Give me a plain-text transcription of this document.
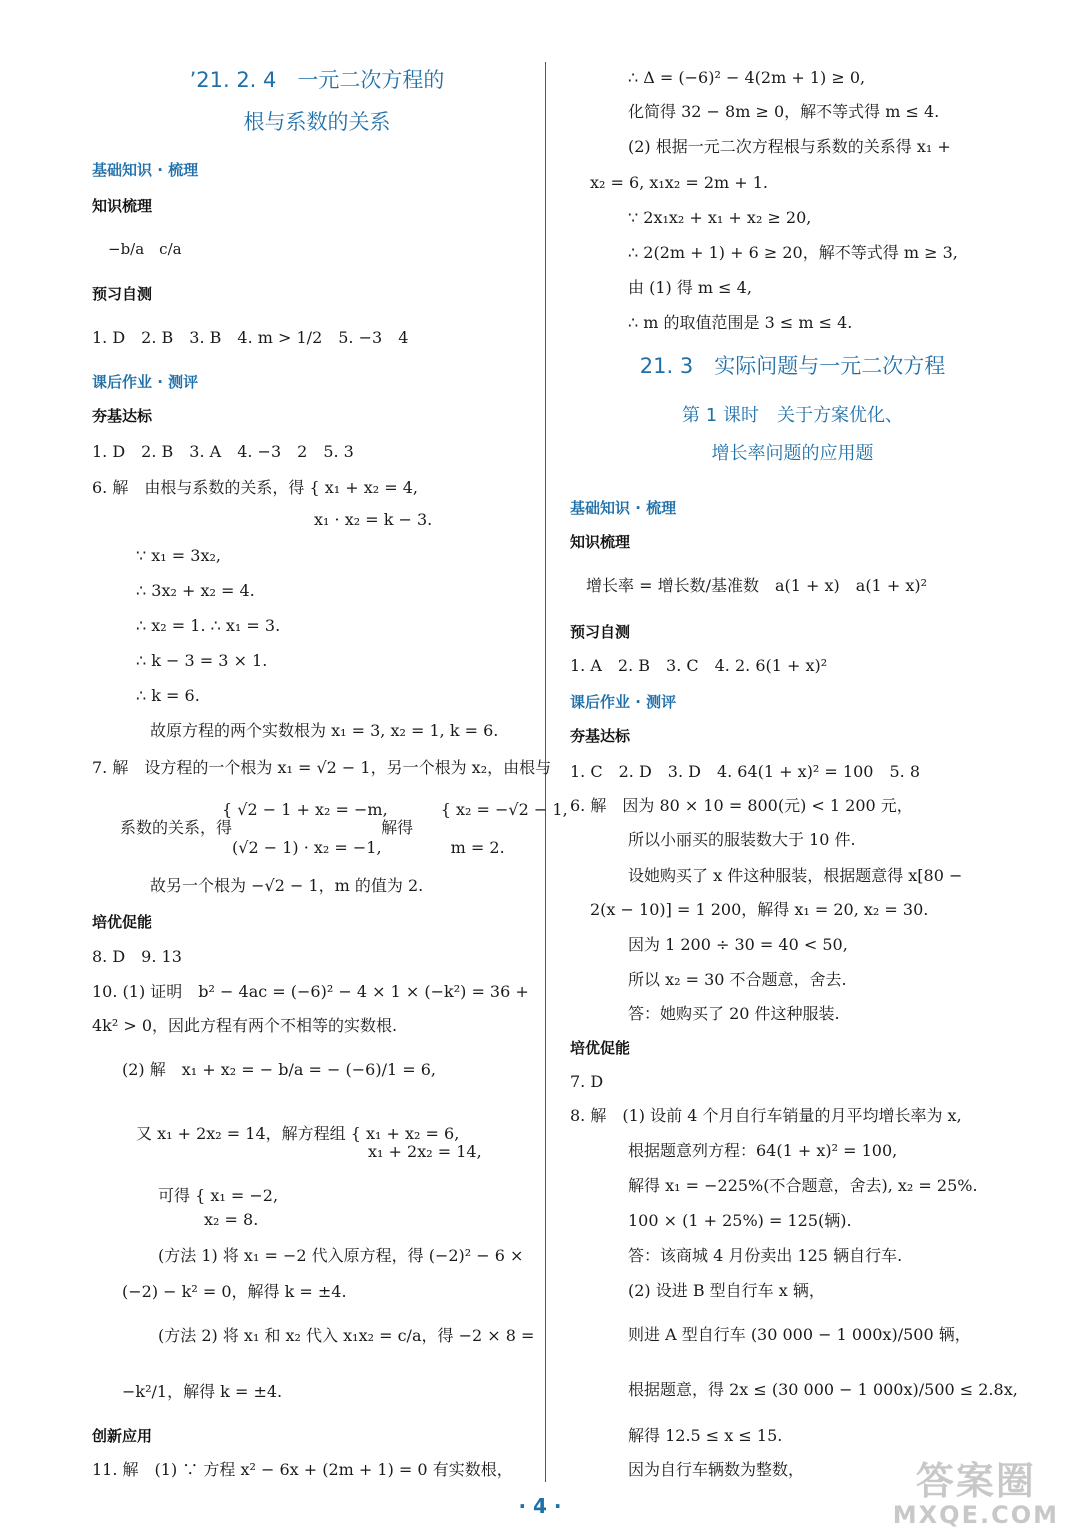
ʼ21. 2. 4　一元二次方程的
根与系数的关系
基础知识 · 梳理
知识梳理
−b/a　c/a
预习自测
1. D　2. B　3. B　4. m > 1/2　5. −3　4
课后作业 · 测评
夯基达标
1. D　2. B　3. A　4. −3　2　5. 3
6. 解　由根与系数的关系，得 { x₁ + x₂ = 4,
x₁ · x₂ = k − 3.
∵ x₁ = 3x₂,
∴ 3x₂ + x₂ = 4.
∴ x₂ = 1. ∴ x₁ = 3.
∴ k − 3 = 3 × 1.
∴ k = 6.
故原方程的两个实数根为 x₁ = 3, x₂ = 1, k = 6.
7. 解　设方程的一个根为 x₁ = √2 − 1，另一个根为 x₂，由根与
{ √2 − 1 + x₂ = −m,　　　 { x₂ = −√2 − 1,
系数的关系，得　　　　　　　　　 解得
(√2 − 1) · x₂ = −1,　　　　 m = 2.
故另一个根为 −√2 − 1，m 的值为 2.
培优促能
8. D　9. 13
10. (1) 证明　b² − 4ac = (−6)² − 4 × 1 × (−k²) = 36 +
4k² > 0，因此方程有两个不相等的实数根.
(2) 解　x₁ + x₂ = − b/a = − (−6)/1 = 6,
又 x₁ + 2x₂ = 14，解方程组 { x₁ + x₂ = 6,
x₁ + 2x₂ = 14,
可得 { x₁ = −2,
x₂ = 8.
(方法 1) 将 x₁ = −2 代入原方程，得 (−2)² − 6 ×
(−2) − k² = 0，解得 k = ±4.
(方法 2) 将 x₁ 和 x₂ 代入 x₁x₂ = c/a，得 −2 × 8 =
−k²/1，解得 k = ±4.
创新应用
11. 解　(1) ∵ 方程 x² − 6x + (2m + 1) = 0 有实数根，
∴ Δ = (−6)² − 4(2m + 1) ≥ 0,
化简得 32 − 8m ≥ 0，解不等式得 m ≤ 4.
(2) 根据一元二次方程根与系数的关系得 x₁ +
x₂ = 6, x₁x₂ = 2m + 1.
∵ 2x₁x₂ + x₁ + x₂ ≥ 20,
∴ 2(2m + 1) + 6 ≥ 20，解不等式得 m ≥ 3,
由 (1) 得 m ≤ 4,
∴ m 的取值范围是 3 ≤ m ≤ 4.
21. 3　实际问题与一元二次方程
第 1 课时　关于方案优化、
增长率问题的应用题
基础知识 · 梳理
知识梳理
增长率 = 增长数/基准数　a(1 + x)　a(1 + x)²
预习自测
1. A　2. B　3. C　4. 2. 6(1 + x)²
课后作业 · 测评
夯基达标
1. C　2. D　3. D　4. 64(1 + x)² = 100　5. 8
6. 解　因为 80 × 10 = 800(元) < 1 200 元，
所以小丽买的服装数大于 10 件.
设她购买了 x 件这种服装，根据题意得 x[80 −
2(x − 10)] = 1 200，解得 x₁ = 20, x₂ = 30.
因为 1 200 ÷ 30 = 40 < 50,
所以 x₂ = 30 不合题意，舍去.
答：她购买了 20 件这种服装.
培优促能
7. D
8. 解　(1) 设前 4 个月自行车销量的月平均增长率为 x,
根据题意列方程：64(1 + x)² = 100,
解得 x₁ = −225%(不合题意，舍去), x₂ = 25%.
100 × (1 + 25%) = 125(辆).
答：该商城 4 月份卖出 125 辆自行车.
(2) 设进 B 型自行车 x 辆，
则进 A 型自行车 (30 000 − 1 000x)/500 辆，
根据题意，得 2x ≤ (30 000 − 1 000x)/500 ≤ 2.8x,
解得 12.5 ≤ x ≤ 15.
因为自行车辆数为整数，
· 4 ·
答案圈
MXQE.COM
